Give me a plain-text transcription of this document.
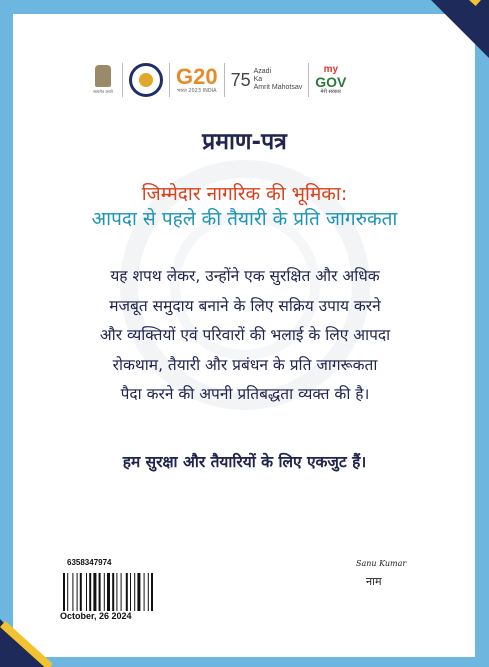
सत्यमेव जयते
G20
भारत 2023 INDIA
75 Azadi
Ka
Amrit Mahotsav
my
GOV
मेरी सरकार
प्रमाण-पत्र
जिम्मेदार नागरिक की भूमिका:
आपदा से पहले की तैयारी के प्रति जागरुकता
यह शपथ लेकर, उन्होंने एक सुरक्षित और अधिक
मजबूत समुदाय बनाने के लिए सक्रिय उपाय करने
और व्यक्तियों एवं परिवारों की भलाई के लिए आपदा
रोकथाम, तैयारी और प्रबंधन के प्रति जागरूकता
पैदा करने की अपनी प्रतिबद्धता व्यक्त की है।
हम सुरक्षा और तैयारियों के लिए एकजुट हैं।
6358347974
October, 26 2024
Sanu Kumar
नाम
